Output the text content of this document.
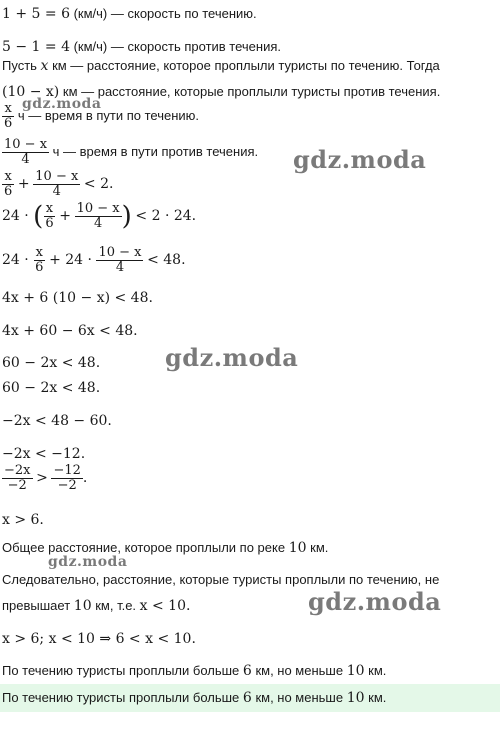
1 + 5 = 6 (км/ч) — скорость по течению.
5 − 1 = 4 (км/ч) — скорость против течения.
Пусть x км — расстояние, которое проплыли туристы по течению. Тогда
(10 − x) км — расстояние, которые проплыли туристы против течения.
$\frac{x}{6}$ ч — время в пути по течению.
$\frac{10 - x}{4}$ ч — время в пути против течения.
$\frac{x}{6} + \frac{10 - x}{4} < 2$.
24 · ( $\frac{x}{6} + \frac{10 - x}{4}$ ) < 2 · 24.
$24 \cdot \frac{x}{6} + 24 \cdot \frac{10 - x}{4} < 48$.
4x + 6 (10 − x) < 48.
4x + 60 − 6x < 48.
60 − 2x < 48.
60 − 2x < 48.
−2x < 48 − 60.
−2x < −12.
$\frac{-2x}{-2} > \frac{-12}{-2}$ .
x > 6.
Общее расстояние, которое проплыли по реке 10 км.
Следовательно, расстояние, которые туристы проплыли по течению, не
превышает 10 км, т.е. x < 10.
x > 6; x < 10 ⇒ 6 < x < 10.
По течению туристы проплыли больше 6 км, но меньше 10 км.
По течению туристы проплыли больше 6 км, но меньше 10 км.
gdz.moda
gdz.moda
gdz.moda
gdz.moda
gdz.moda
